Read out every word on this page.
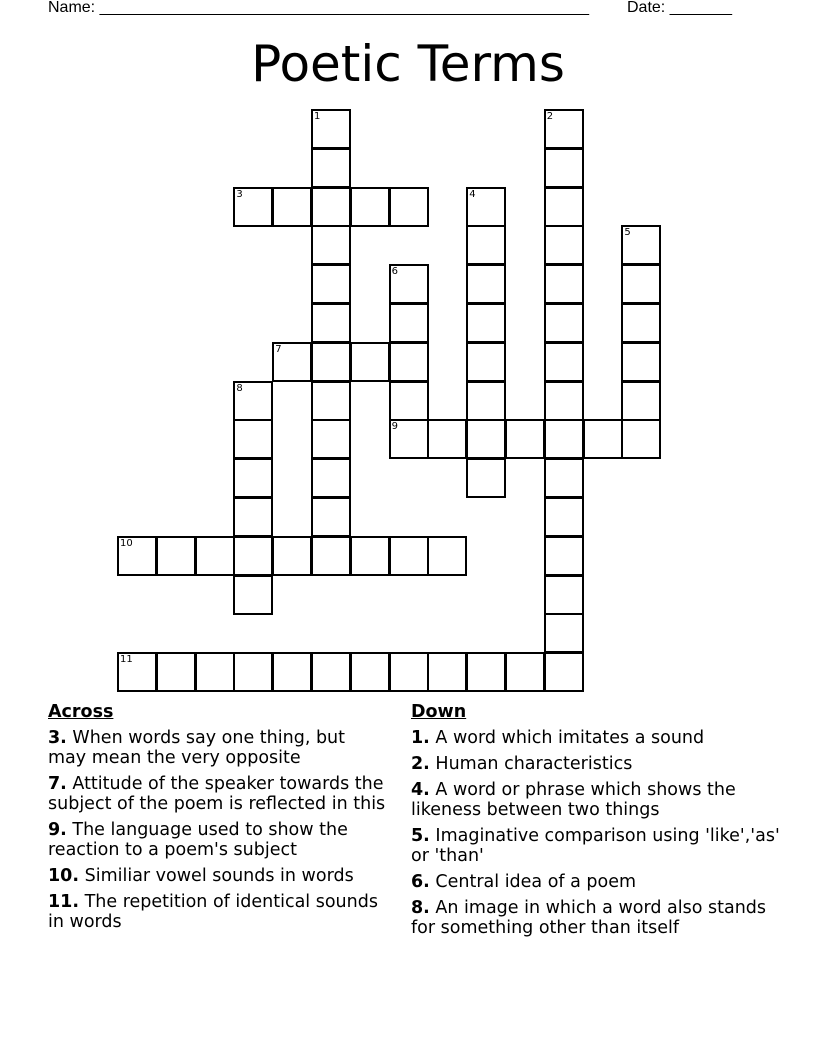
Name: _______________________________________________________ Date: _______
Poetic Terms
1	2
3	4
5
6
7
8
9
10
11
Across
3. When words say one thing, but may mean the very opposite
7. Attitude of the speaker towards the subject of the poem is reflected in this
9. The language used to show the reaction to a poem's subject
10. Similiar vowel sounds in words
11. The repetition of identical sounds in words
Down
1. A word which imitates a sound
2. Human characteristics
4. A word or phrase which shows the likeness between two things
5. Imaginative comparison using 'like','as' or 'than'
6. Central idea of a poem
8. An image in which a word also stands for something other than itself
